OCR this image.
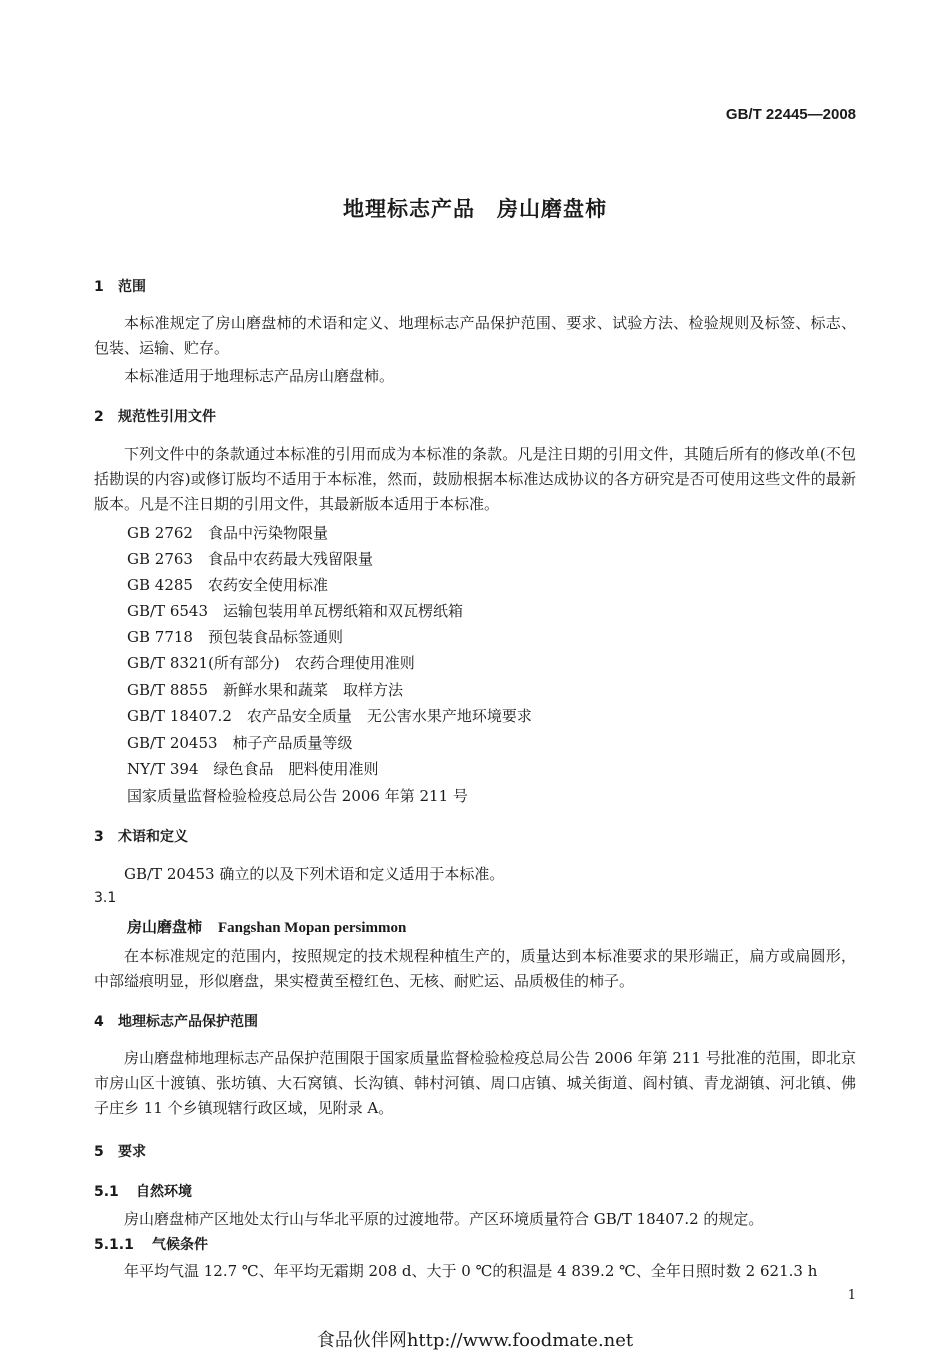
GB/T 22445—2008
地理标志产品　房山磨盘柿
1 范围
本标准规定了房山磨盘柿的术语和定义、地理标志产品保护范围、要求、试验方法、检验规则及标签、标志、包装、运输、贮存。
本标准适用于地理标志产品房山磨盘柿。
2 规范性引用文件
下列文件中的条款通过本标准的引用而成为本标准的条款。凡是注日期的引用文件，其随后所有的修改单(不包括勘误的内容)或修订版均不适用于本标准，然而，鼓励根据本标准达成协议的各方研究是否可使用这些文件的最新版本。凡是不注日期的引用文件，其最新版本适用于本标准。
GB 2762　食品中污染物限量
GB 2763　食品中农药最大残留限量
GB 4285　农药安全使用标准
GB/T 6543　运输包装用单瓦楞纸箱和双瓦楞纸箱
GB 7718　预包装食品标签通则
GB/T 8321(所有部分)　农药合理使用准则
GB/T 8855　新鲜水果和蔬菜　取样方法
GB/T 18407.2　农产品安全质量　无公害水果产地环境要求
GB/T 20453　柿子产品质量等级
NY/T 394　绿色食品　肥料使用准则
国家质量监督检验检疫总局公告 2006 年第 211 号
3 术语和定义
GB/T 20453 确立的以及下列术语和定义适用于本标准。
3.1
房山磨盘柿 Fangshan Mopan persimmon
在本标准规定的范围内，按照规定的技术规程种植生产的，质量达到本标准要求的果形端正，扁方或扁圆形，中部缢痕明显，形似磨盘，果实橙黄至橙红色、无核、耐贮运、品质极佳的柿子。
4 地理标志产品保护范围
房山磨盘柿地理标志产品保护范围限于国家质量监督检验检疫总局公告 2006 年第 211 号批准的范围，即北京市房山区十渡镇、张坊镇、大石窝镇、长沟镇、韩村河镇、周口店镇、城关街道、阎村镇、青龙湖镇、河北镇、佛子庄乡 11 个乡镇现辖行政区域，见附录 A。
5 要求
5.1 自然环境
房山磨盘柿产区地处太行山与华北平原的过渡地带。产区环境质量符合 GB/T 18407.2 的规定。
5.1.1 气候条件
年平均气温 12.7 ℃、年平均无霜期 208 d、大于 0 ℃的积温是 4 839.2 ℃、全年日照时数 2 621.3 h
1
食品伙伴网http://www.foodmate.net
